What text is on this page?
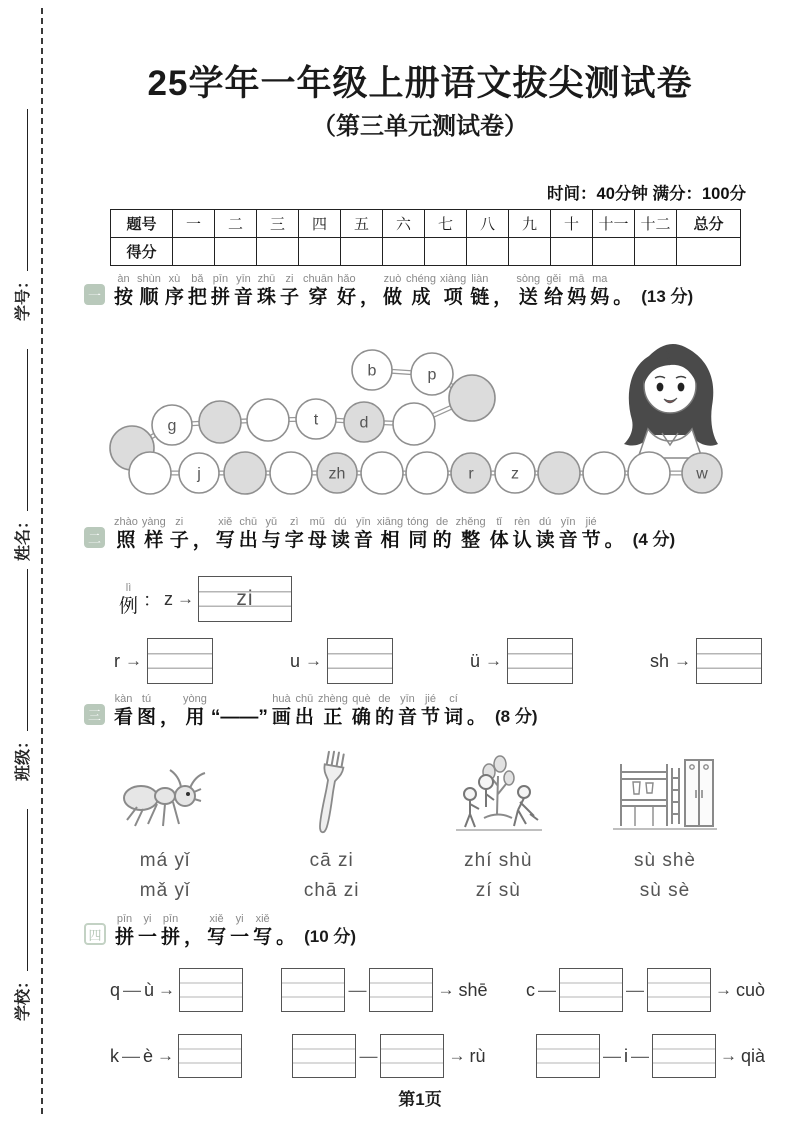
学号：
姓名：
班级：
学校：
25学年一年级上册语文拔尖测试卷
（第三单元测试卷）
时间：40分钟 满分：100分
题号	一	二	三	四	五	六	七	八	九	十	十一	十二	总分
得分													
一
àn
按
shùn
顺
xù
序
bǎ
把
pīn
拼
yīn
音
zhū
珠
zi
子
chuān
穿
hǎo
好 ，
zuò
做
chéng
成
xiàng
项
liàn
链 ，
sòng
送
gěi
给
mā
妈
ma
妈 。 (13 分)
b	p
d
t
g
j	zh	r z	w
二
zhào
照
yàng
样
zi
子 ，
xiě
写
chū
出
yǔ
与
zì
字
mǔ
母
dú
读
yīn
音
xiāng
相
tóng
同
de
的
zhěng
整
tǐ
体
rèn
认
dú
读
yīn
音
jié
节 。 (4 分)
lì
例 ： z → zi
r →	u →	ü →	sh →
三
kàn
看
tú
图 ，
yòng
用 “——”
huà
画
chū
出
zhèng
正
què
确
de
的
yīn
音
jié
节
cí
词 。 (8 分)
má yǐ
mǎ yǐ
cā zi
chā zi
zhí shù
zí sù
sù shè
sù sè
四
pīn
拼
yi
一
pīn
拼 ，
xiě
写
yi
一
xiě
写 。 (10 分)
q — ù →	—	→ shē c —	—	→ cuò
k — è →	—	→ rù	— i —	→ qià
第1页
